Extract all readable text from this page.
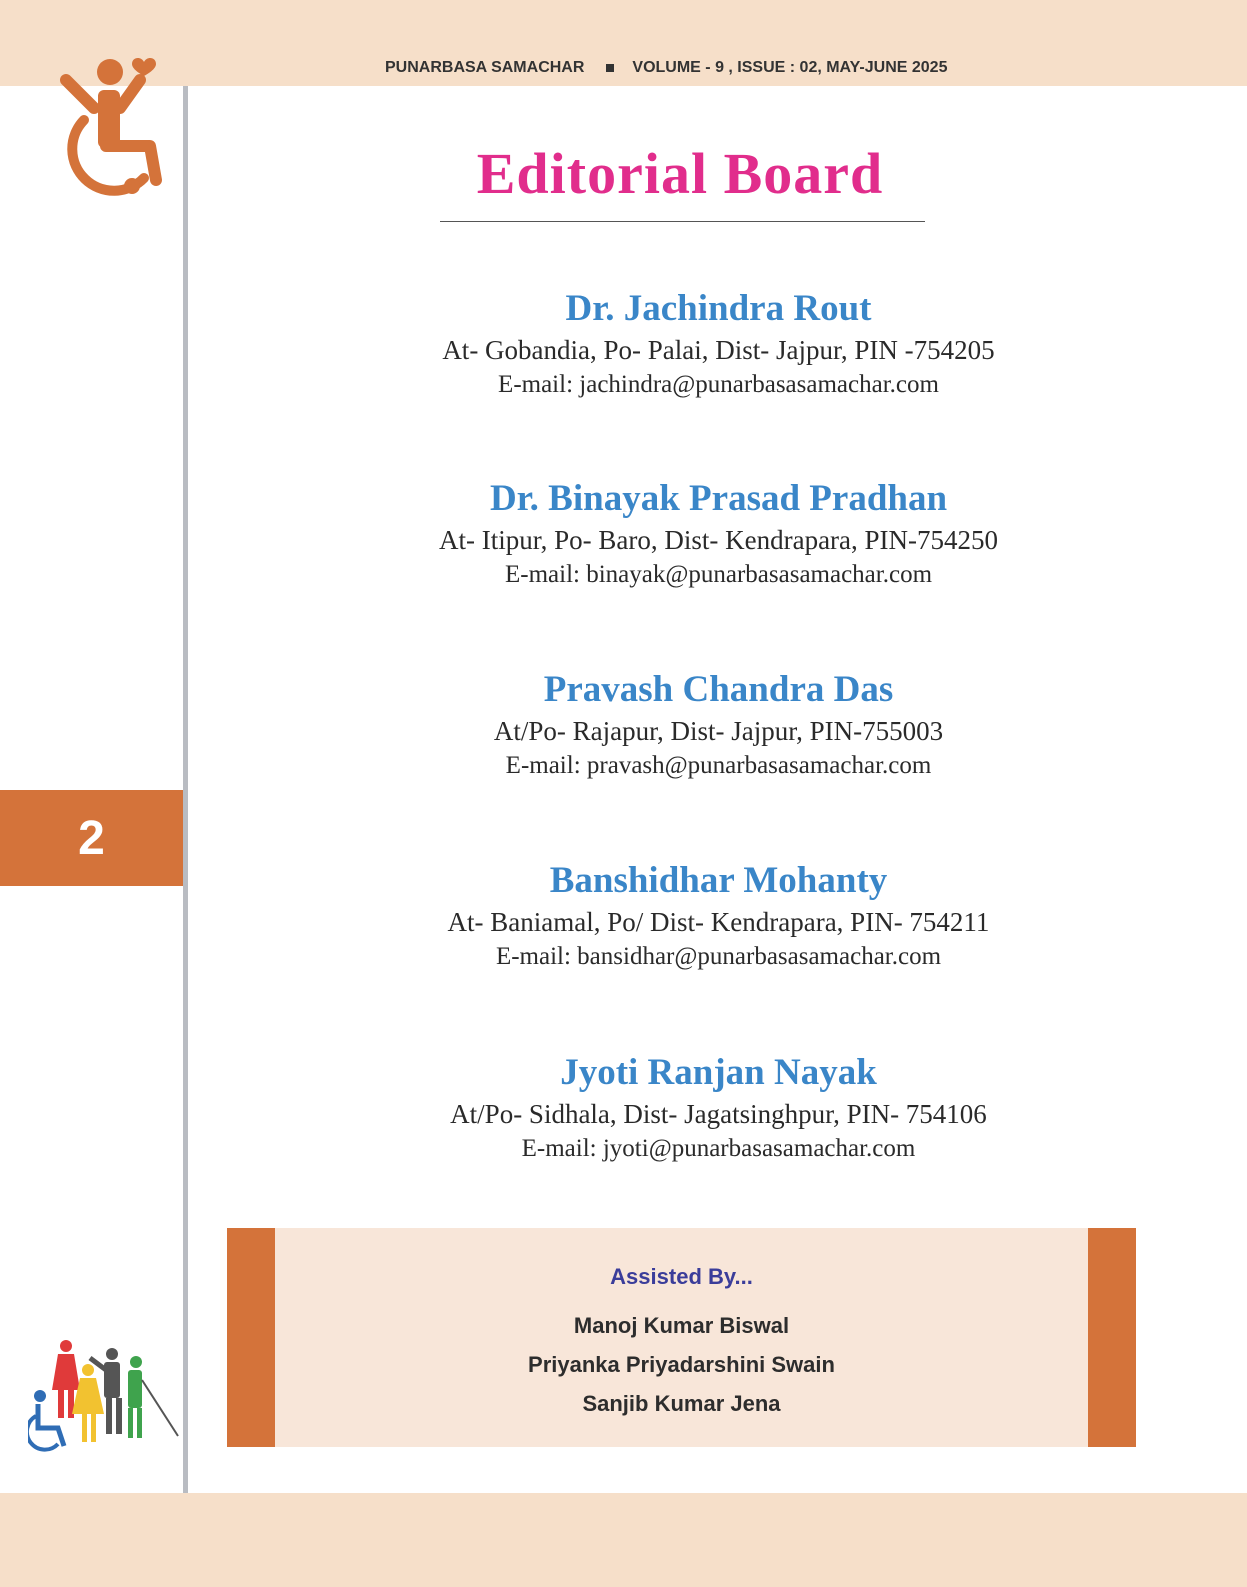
PUNARBASA SAMACHAR	VOLUME - 9 , ISSUE : 02, MAY-JUNE 2025
2
Editorial Board
Dr. Jachindra Rout
At- Gobandia, Po- Palai, Dist- Jajpur, PIN -754205
E-mail: jachindra@punarbasasamachar.com
Dr. Binayak Prasad Pradhan
At- Itipur, Po- Baro, Dist- Kendrapara, PIN-754250
E-mail: binayak@punarbasasamachar.com
Pravash Chandra Das
At/Po- Rajapur, Dist- Jajpur, PIN-755003
E-mail: pravash@punarbasasamachar.com
Banshidhar Mohanty
At- Baniamal, Po/ Dist- Kendrapara, PIN- 754211
E-mail: bansidhar@punarbasasamachar.com
Jyoti Ranjan Nayak
At/Po- Sidhala, Dist- Jagatsinghpur, PIN- 754106
E-mail: jyoti@punarbasasamachar.com
Assisted By...
Manoj Kumar Biswal
Priyanka Priyadarshini Swain
Sanjib Kumar Jena
